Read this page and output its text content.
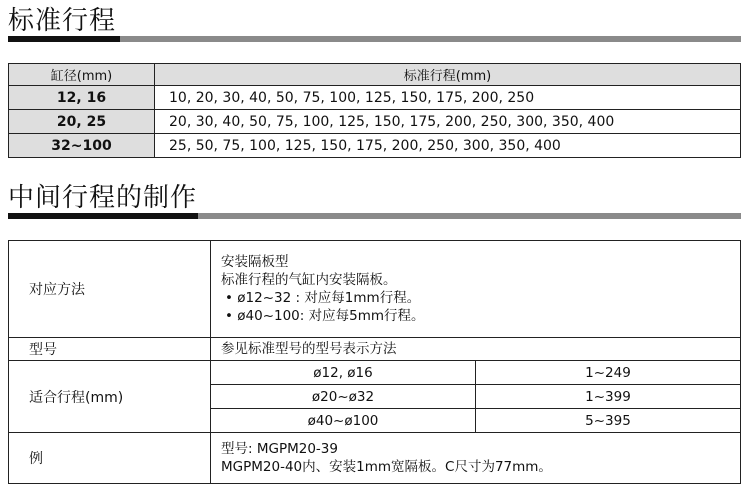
标准行程
缸径(mm)	标准行程(mm)
12, 16	10, 20, 30, 40, 50, 75, 100, 125, 150, 175, 200, 250
20, 25	20, 30, 40, 50, 75, 100, 125, 150, 175, 200, 250, 300, 350, 400
32~100	25, 50, 75, 100, 125, 150, 175, 200, 250, 300, 350, 400
中间行程的制作
对应方法	安装隔板型
标准行程的气缸内安装隔板。
• ø12~32 : 对应每1mm行程。
• ø40~100: 对应每5mm行程。	

型号	参见标准型号的型号表示方法	
适合行程(mm)	ø12, ø16	1~249
	ø20~ø32	1~399
	ø40~ø100	5~395
例	型号: MGPM20-39
MGPM20-40内、安装1mm宽隔板。C尺寸为77mm。	
